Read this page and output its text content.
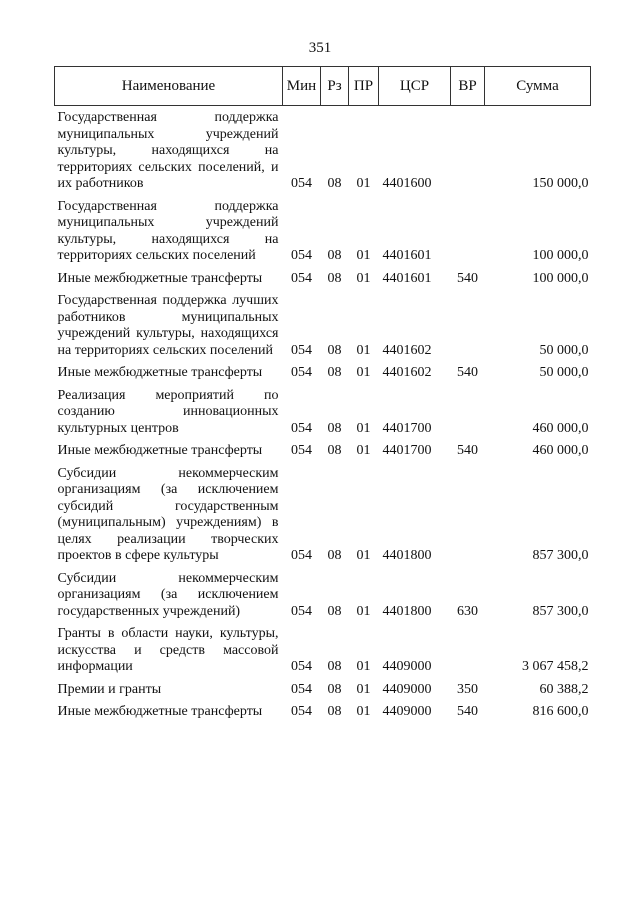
351
Наименование	Мин	Рз	ПР	ЦСР	ВР	Сумма
Государственная поддержка муниципальных учреждений культуры, находящихся на территориях сельских поселений, и их работников	054	08	01	4401600		150 000,0
Государственная поддержка муниципальных учреждений культуры, находящихся на территориях сельских поселений	054	08	01	4401601		100 000,0
Иные межбюджетные трансферты	054	08	01	4401601	540	100 000,0
Государственная поддержка лучших работников муниципальных учреждений культуры, находящихся на территориях сельских поселений	054	08	01	4401602		50 000,0
Иные межбюджетные трансферты	054	08	01	4401602	540	50 000,0
Реализация мероприятий по созданию инновационных культурных центров	054	08	01	4401700		460 000,0
Иные межбюджетные трансферты	054	08	01	4401700	540	460 000,0
Субсидии некоммерческим организациям (за исключением субсидий государственным (муниципальным) учреждениям) в целях реализации творческих проектов в сфере культуры	054	08	01	4401800		857 300,0
Субсидии некоммерческим организациям (за исключением государственных учреждений)	054	08	01	4401800	630	857 300,0
Гранты в области науки, культуры, искусства и средств массовой информации	054	08	01	4409000		3 067 458,2
Премии и гранты	054	08	01	4409000	350	60 388,2
Иные межбюджетные трансферты	054	08	01	4409000	540	816 600,0
